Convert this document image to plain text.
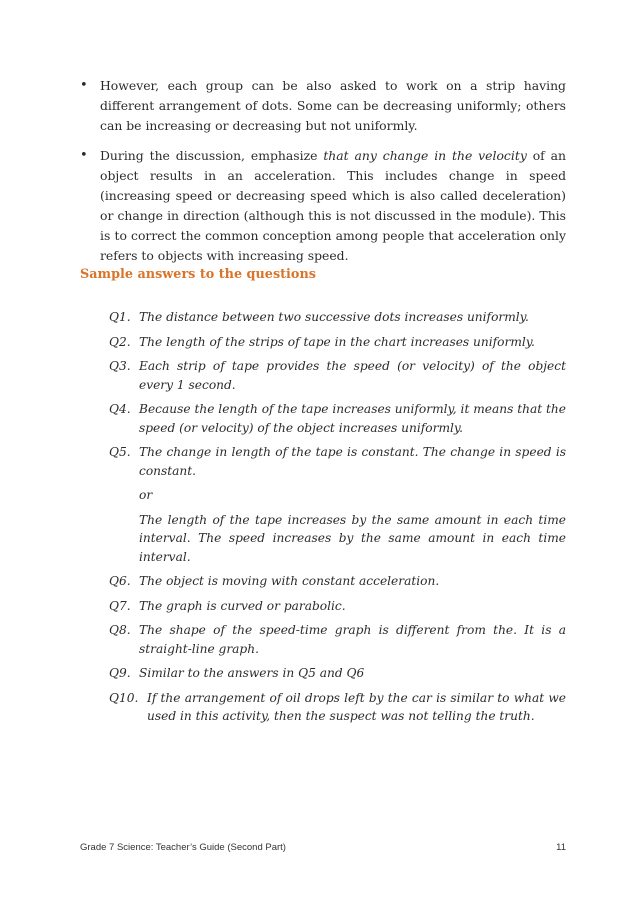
• However, each group can be also asked to work on a strip having different arrangement of dots. Some can be decreasing uniformly; others can be increasing or decreasing but not uniformly.
• During the discussion, emphasize that any change in the velocity of an object results in an acceleration. This includes change in speed (increasing speed or decreasing speed which is also called deceleration) or change in direction (although this is not discussed in the module). This is to correct the common conception among people that acceleration only refers to objects with increasing speed.
Sample answers to the questions
Q1. The distance between two successive dots increases uniformly.
Q2. The length of the strips of tape in the chart increases uniformly.
Q3. Each strip of tape provides the speed (or velocity) of the object every 1 second.
Q4. Because the length of the tape increases uniformly, it means that the speed (or velocity) of the object increases uniformly.
Q5. The change in length of the tape is constant. The change in speed is constant.
or
The length of the tape increases by the same amount in each time interval. The speed increases by the same amount in each time interval.
Q6. The object is moving with constant acceleration.
Q7. The graph is curved or parabolic.
Q8. The shape of the speed-time graph is different from the. It is a straight-line graph.
Q9. Similar to the answers in Q5 and Q6
Q10. If the arrangement of oil drops left by the car is similar to what we used in this activity, then the suspect was not telling the truth.
Grade 7 Science: Teacher’s Guide (Second Part)	11
